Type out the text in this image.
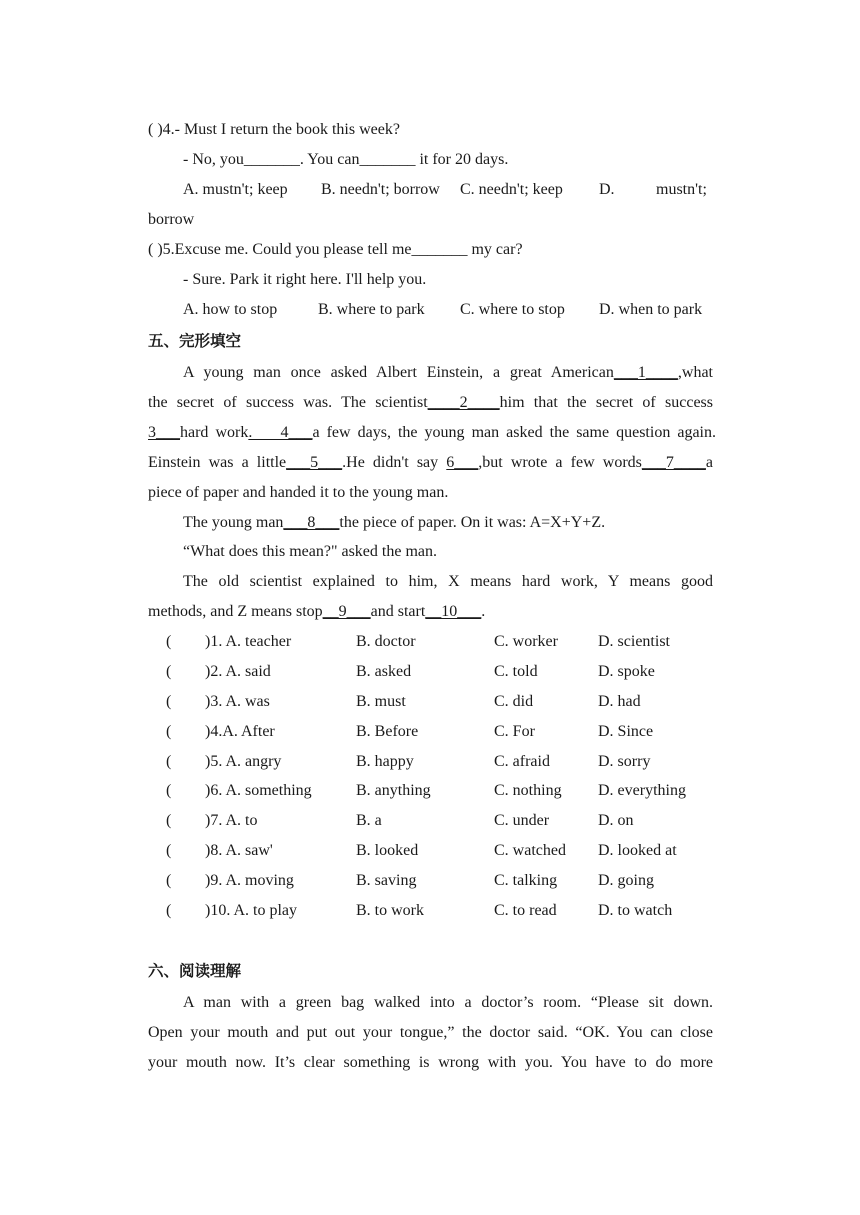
( )4.- Must I return the book this week?
- No, you_______. You can_______ it for 20 days.
A. mustn't; keep B. needn't; borrow C. needn't; keep D.	mustn't;
borrow
( )5.Excuse me. Could you please tell me_______ my car?
- Sure. Park it right here. I'll help you.
A. how to stop	B. where to park C. where to stop D. when to park
五、完形填空
A young man once asked Albert Einstein, a great American___1____,what
the secret of success was. The scientist____2____him that the secret of success
3___hard work.    4___a few days, the young man asked the same question again.
Einstein was a little___5___.He didn't say 6___,but wrote a few words___7____a
piece of paper and handed it to the young man.
The young man___8___the piece of paper. On it was: A=X+Y+Z.
“What does this mean?" asked the man.
The old scientist explained to him, X means hard work, Y means good
methods, and Z means stop__9___and start__10___.
( )1. A. teacher	B. doctor	C. worker	D. scientist
( )2. A. said	B. asked	C. told	D. spoke
( )3. A. was	B. must	C. did	D. had
( )4.A. After	B. Before	C. For	D. Since
( )5. A. angry	B. happy	C. afraid	D. sorry
( )6. A. something	B. anything	C. nothing D. everything
( )7. A. to	B. a	C. under	D. on
( )8. A. saw'	B. looked	C. watched D. looked at
( )9. A. moving	B. saving	C. talking	D. going
( )10. A. to play	B. to work	C. to read	D. to watch
六、阅读理解
A man with a green bag walked into a doctor’s room. “Please sit down.
Open your mouth and put out your tongue,” the doctor said. “OK. You can close
your mouth now. It’s clear something is wrong with you. You have to do more
